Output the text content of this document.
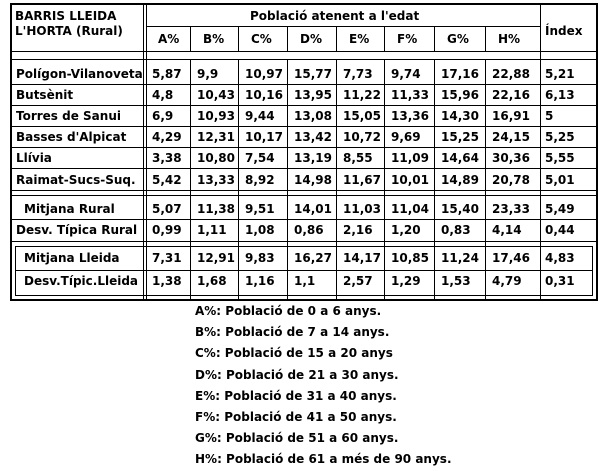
BARRIS LLEIDA
L'HORTA (Rural)
Població atenent a l'edat
Índex
A% B% C% D% E% F% G% H%
Polígon-Vilanoveta 5,87 9,9 10,97 15,77 7,73 9,74 17,16 22,88 5,21
Butsènit	4,8 10,43 10,16 13,95 11,22 11,33 15,96 22,16 6,13
Torres de Sanui	6,9 10,93 9,44 13,08 15,05 13,36 14,30 16,91 5
Basses d'Alpicat 4,29 12,31 10,17 13,42 10,72 9,69 15,25 24,15 5,25
Llívia	3,38 10,80 7,54 13,19 8,55 11,09 14,64 30,36 5,55
Raimat-Sucs-Suq. 5,42 13,33 8,92 14,98 11,67 10,01 14,89 20,78 5,01
Mitjana Rural	5,07 11,38 9,51 14,01 11,03 11,04 15,40 23,33 5,49
Desv. Típica Rural 0,99 1,11 1,08 0,86 2,16 1,20 0,83 4,14 0,44
Mitjana Lleida	7,31 12,91 9,83 16,27 14,17 10,85 11,24 17,46 4,83
Desv.Típic.Lleida 1,38 1,68 1,16 1,1 2,57 1,29 1,53 4,79 0,31
A%: Població de 0 a 6 anys.
B%: Població de 7 a 14 anys.
C%: Població de 15 a 20 anys
D%: Població de 21 a 30 anys.
E%: Població de 31 a 40 anys.
F%: Població de 41 a 50 anys.
G%: Població de 51 a 60 anys.
H%: Població de 61 a més de 90 anys.
